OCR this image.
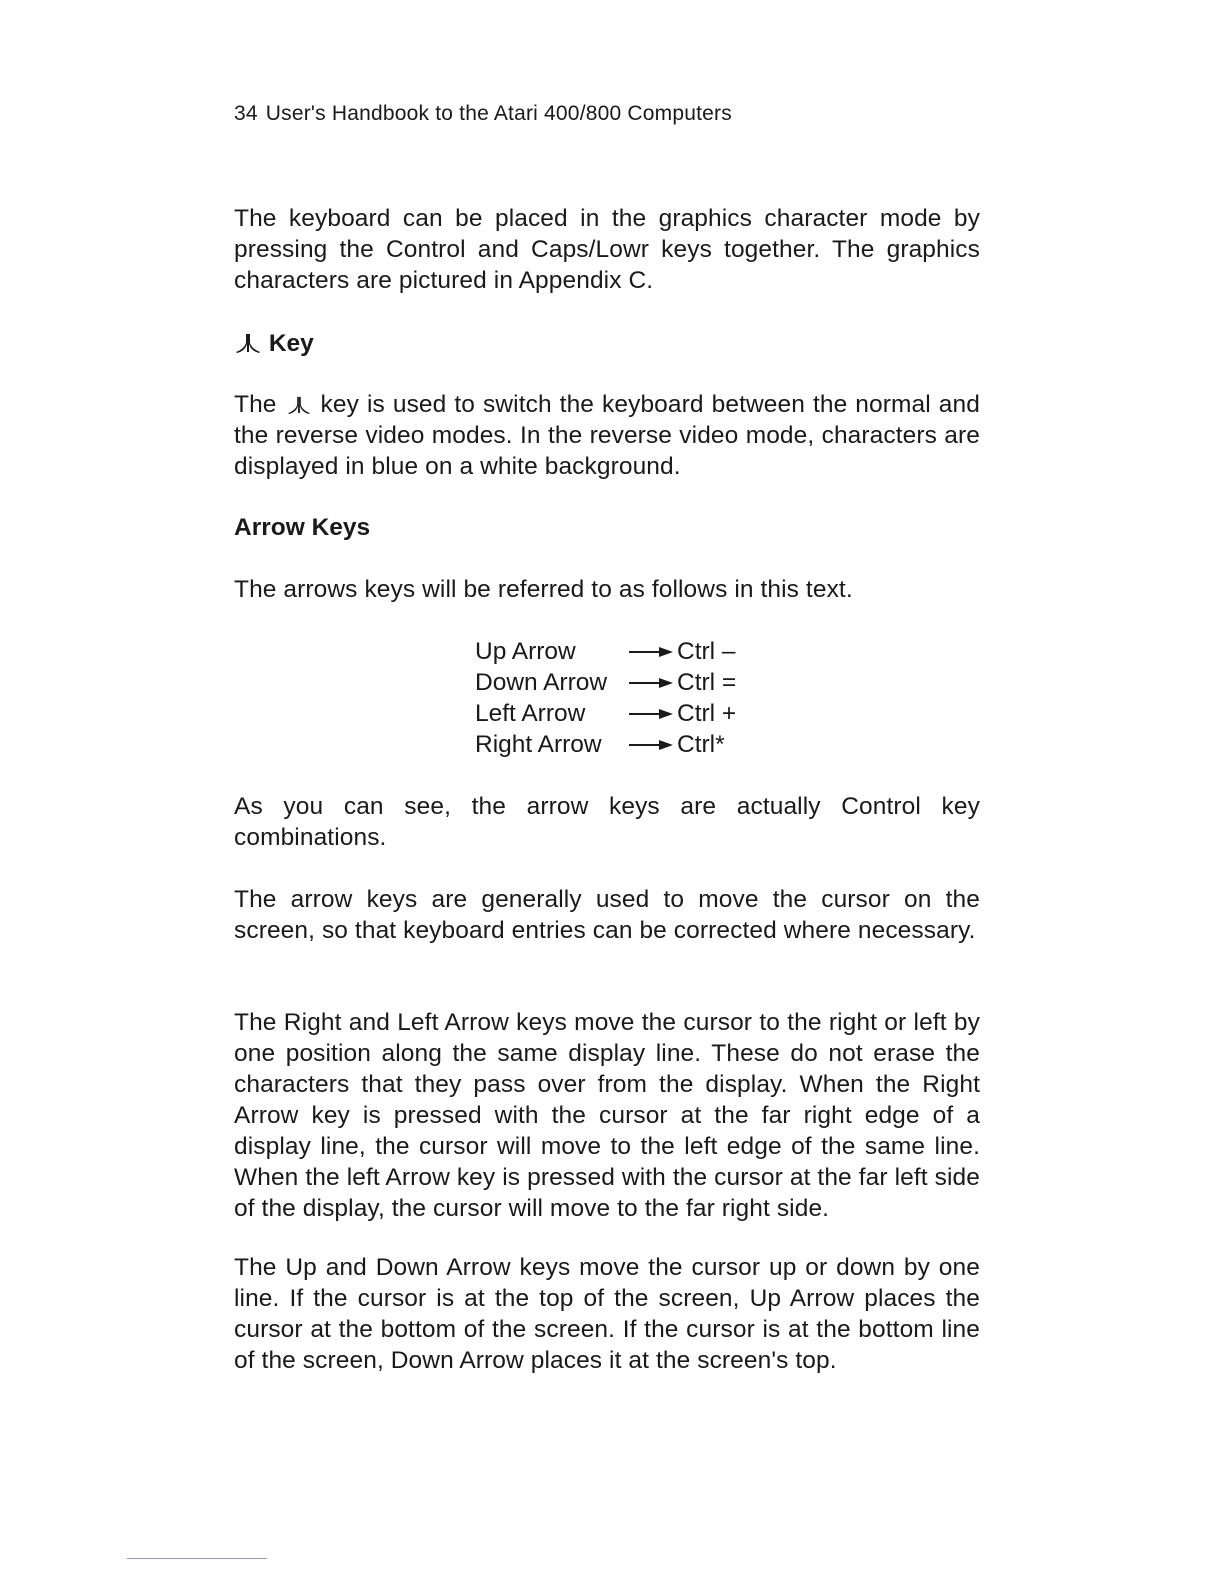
34 User's Handbook to the Atari 400/800 Computers

The keyboard can be placed in the graphics character mode by pressing the Control and Caps/Lowr keys together. The graphics characters are pictured in Appendix C.

Key

The key is used to switch the keyboard between the normal and the reverse video modes. In the reverse video mode, characters are displayed in blue on a white background.

Arrow Keys

The arrows keys will be referred to as follows in this text.

Up Arrow	Ctrl –
Down Arrow	Ctrl =
Left Arrow	Ctrl +
Right Arrow	Ctrl*

As you can see, the arrow keys are actually Control key combinations.

The arrow keys are generally used to move the cursor on the screen, so that keyboard entries can be corrected where necessary.

The Right and Left Arrow keys move the cursor to the right or left by one position along the same display line. These do not erase the characters that they pass over from the display. When the Right Arrow key is pressed with the cursor at the far right edge of a display line, the cursor will move to the left edge of the same line. When the left Arrow key is pressed with the cursor at the far left side of the display, the cursor will move to the far right side.

The Up and Down Arrow keys move the cursor up or down by one line. If the cursor is at the top of the screen, Up Arrow places the cursor at the bottom of the screen. If the cursor is at the bottom line of the screen, Down Arrow places it at the screen's top.
